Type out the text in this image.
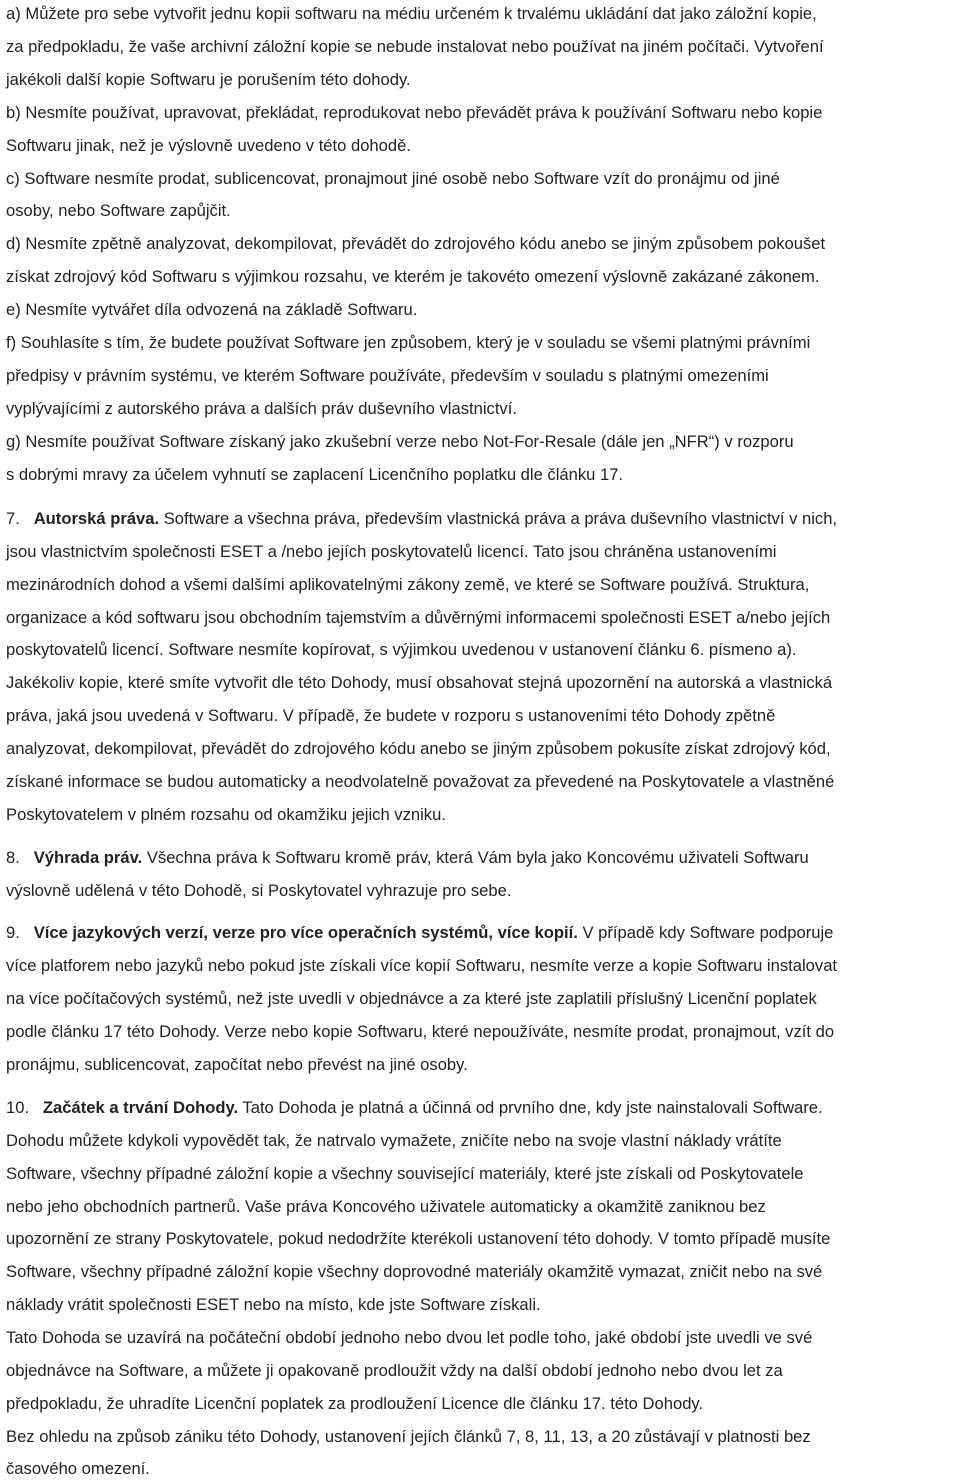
a) Můžete pro sebe vytvořit jednu kopii softwaru na médiu určeném k trvalému ukládání dat jako záložní kopie,
za předpokladu, že vaše archivní záložní kopie se nebude instalovat nebo používat na jiném počítači. Vytvoření
jakékoli další kopie Softwaru je porušením této dohody.
b) Nesmíte používat, upravovat, překládat, reprodukovat nebo převádět práva k používání Softwaru nebo kopie
Softwaru jinak, než je výslovně uvedeno v této dohodě.
c) Software nesmíte prodat, sublicencovat, pronajmout jiné osobě nebo Software vzít do pronájmu od jiné
osoby, nebo Software zapůjčit.
d) Nesmíte zpětně analyzovat, dekompilovat, převádět do zdrojového kódu anebo se jiným způsobem pokoušet
získat zdrojový kód Softwaru s výjimkou rozsahu, ve kterém je takovéto omezení výslovně zakázané zákonem.
e) Nesmíte vytvářet díla odvozená na základě Softwaru.
f) Souhlasíte s tím, že budete používat Software jen způsobem, který je v souladu se všemi platnými právními
předpisy v právním systému, ve kterém Software používáte, především v souladu s platnými omezeními
vyplývajícími z autorského práva a dalších práv duševního vlastnictví.
g) Nesmíte používat Software získaný jako zkušební verze nebo Not-For-Resale (dále jen „NFR“) v rozporu
s dobrými mravy za účelem vyhnutí se zaplacení Licenčního poplatku dle článku 17.
7. Autorská práva. Software a všechna práva, především vlastnická práva a práva duševního vlastnictví v nich,
jsou vlastnictvím společnosti ESET a /nebo jejích poskytovatelů licencí. Tato jsou chráněna ustanoveními
mezinárodních dohod a všemi dalšími aplikovatelnými zákony země, ve které se Software používá. Struktura,
organizace a kód softwaru jsou obchodním tajemstvím a důvěrnými informacemi společnosti ESET a/nebo jejích
poskytovatelů licencí. Software nesmíte kopírovat, s výjimkou uvedenou v ustanovení článku 6. písmeno a).
Jakékoliv kopie, které smíte vytvořit dle této Dohody, musí obsahovat stejná upozornění na autorská a vlastnická
práva, jaká jsou uvedená v Softwaru. V případě, že budete v rozporu s ustanoveními této Dohody zpětně
analyzovat, dekompilovat, převádět do zdrojového kódu anebo se jiným způsobem pokusíte získat zdrojový kód,
získané informace se budou automaticky a neodvolatelně považovat za převedené na Poskytovatele a vlastněné
Poskytovatelem v plném rozsahu od okamžiku jejich vzniku.
8. Výhrada práv. Všechna práva k Softwaru kromě práv, která Vám byla jako Koncovému uživateli Softwaru
výslovně udělená v této Dohodě, si Poskytovatel vyhrazuje pro sebe.
9. Více jazykových verzí, verze pro více operačních systémů, více kopií. V případě kdy Software podporuje
více platforem nebo jazyků nebo pokud jste získali více kopií Softwaru, nesmíte verze a kopie Softwaru instalovat
na více počítačových systémů, než jste uvedli v objednávce a za které jste zaplatili příslušný Licenční poplatek
podle článku 17 této Dohody. Verze nebo kopie Softwaru, které nepoužíváte, nesmíte prodat, pronajmout, vzít do
pronájmu, sublicencovat, započítat nebo převést na jiné osoby.
10. Začátek a trvání Dohody. Tato Dohoda je platná a účinná od prvního dne, kdy jste nainstalovali Software.
Dohodu můžete kdykoli vypovědět tak, že natrvalo vymažete, zničíte nebo na svoje vlastní náklady vrátíte
Software, všechny případné záložní kopie a všechny související materiály, které jste získali od Poskytovatele
nebo jeho obchodních partnerů. Vaše práva Koncového uživatele automaticky a okamžitě zaniknou bez
upozornění ze strany Poskytovatele, pokud nedodržíte kterékoli ustanovení této dohody. V tomto případě musíte
Software, všechny případné záložní kopie všechny doprovodné materiály okamžitě vymazat, zničit nebo na své
náklady vrátit společnosti ESET nebo na místo, kde jste Software získali.
Tato Dohoda se uzavírá na počáteční období jednoho nebo dvou let podle toho, jaké období jste uvedli ve své
objednávce na Software, a můžete ji opakovaně prodloužit vždy na další období jednoho nebo dvou let za
předpokladu, že uhradíte Licenční poplatek za prodloužení Licence dle článku 17. této Dohody.
Bez ohledu na způsob zániku této Dohody, ustanovení jejích článků 7, 8, 11, 13, a 20 zůstávají v platnosti bez
časového omezení.
